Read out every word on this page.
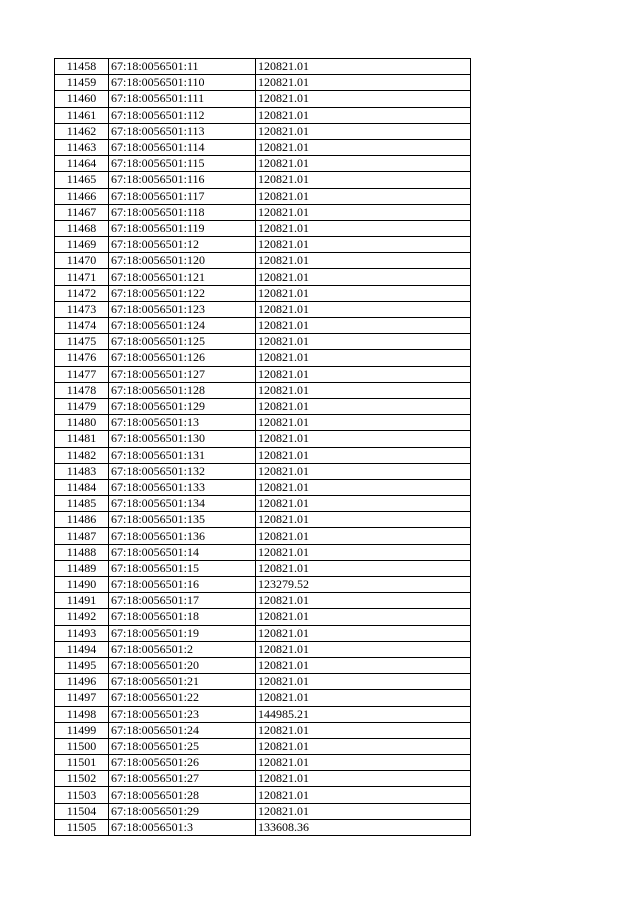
11458	67:18:0056501:11	120821.01
11459	67:18:0056501:110	120821.01
11460	67:18:0056501:111	120821.01
11461	67:18:0056501:112	120821.01
11462	67:18:0056501:113	120821.01
11463	67:18:0056501:114	120821.01
11464	67:18:0056501:115	120821.01
11465	67:18:0056501:116	120821.01
11466	67:18:0056501:117	120821.01
11467	67:18:0056501:118	120821.01
11468	67:18:0056501:119	120821.01
11469	67:18:0056501:12	120821.01
11470	67:18:0056501:120	120821.01
11471	67:18:0056501:121	120821.01
11472	67:18:0056501:122	120821.01
11473	67:18:0056501:123	120821.01
11474	67:18:0056501:124	120821.01
11475	67:18:0056501:125	120821.01
11476	67:18:0056501:126	120821.01
11477	67:18:0056501:127	120821.01
11478	67:18:0056501:128	120821.01
11479	67:18:0056501:129	120821.01
11480	67:18:0056501:13	120821.01
11481	67:18:0056501:130	120821.01
11482	67:18:0056501:131	120821.01
11483	67:18:0056501:132	120821.01
11484	67:18:0056501:133	120821.01
11485	67:18:0056501:134	120821.01
11486	67:18:0056501:135	120821.01
11487	67:18:0056501:136	120821.01
11488	67:18:0056501:14	120821.01
11489	67:18:0056501:15	120821.01
11490	67:18:0056501:16	123279.52
11491	67:18:0056501:17	120821.01
11492	67:18:0056501:18	120821.01
11493	67:18:0056501:19	120821.01
11494	67:18:0056501:2	120821.01
11495	67:18:0056501:20	120821.01
11496	67:18:0056501:21	120821.01
11497	67:18:0056501:22	120821.01
11498	67:18:0056501:23	144985.21
11499	67:18:0056501:24	120821.01
11500	67:18:0056501:25	120821.01
11501	67:18:0056501:26	120821.01
11502	67:18:0056501:27	120821.01
11503	67:18:0056501:28	120821.01
11504	67:18:0056501:29	120821.01
11505	67:18:0056501:3	133608.36
